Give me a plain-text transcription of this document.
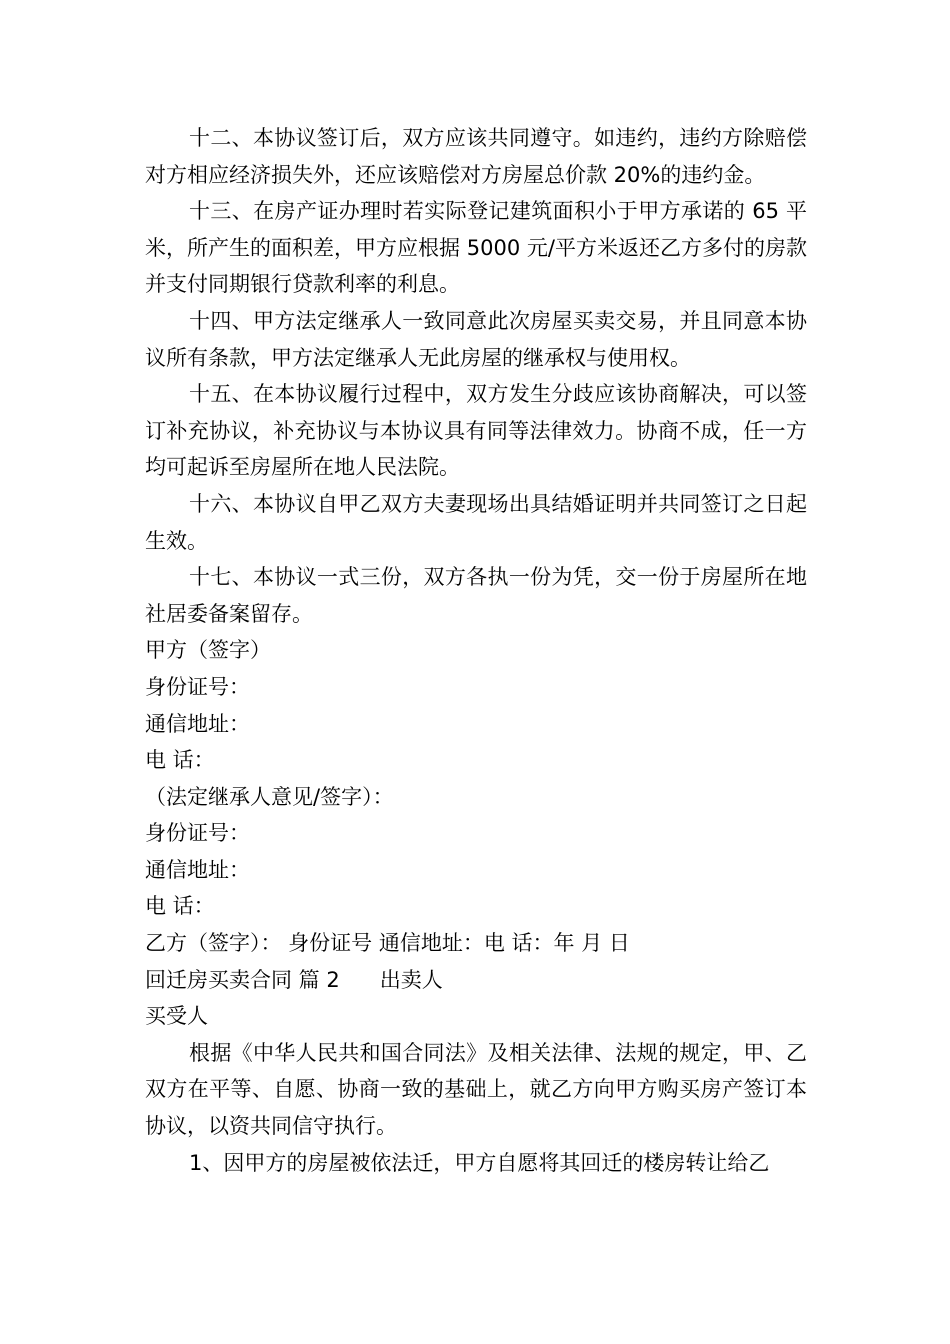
十二、本协议签订后，双方应该共同遵守。如违约，违约方除赔偿对方相应经济损失外，还应该赔偿对方房屋总价款 20%的违约金。

十三、在房产证办理时若实际登记建筑面积小于甲方承诺的 65 平米，所产生的面积差，甲方应根据 5000 元/平方米返还乙方多付的房款并支付同期银行贷款利率的利息。

十四、甲方法定继承人一致同意此次房屋买卖交易，并且同意本协议所有条款，甲方法定继承人无此房屋的继承权与使用权。

十五、在本协议履行过程中，双方发生分歧应该协商解决，可以签订补充协议，补充协议与本协议具有同等法律效力。协商不成，任一方均可起诉至房屋所在地人民法院。

十六、本协议自甲乙双方夫妻现场出具结婚证明并共同签订之日起生效。

十七、本协议一式三份，双方各执一份为凭，交一份于房屋所在地社居委备案留存。

甲方（签字）

身份证号：

通信地址：

电 话：

（法定继承人意见/签字）：

身份证号：

通信地址：

电 话：

乙方（签字）： 身份证号 通信地址：电 话：年 月 日

回迁房买卖合同 篇 2 出卖人

买受人

根据《中华人民共和国合同法》及相关法律、法规的规定，甲、乙双方在平等、自愿、协商一致的基础上，就乙方向甲方购买房产签订本协议，以资共同信守执行。

1、因甲方的房屋被依法迁，甲方自愿将其回迁的楼房转让给乙
